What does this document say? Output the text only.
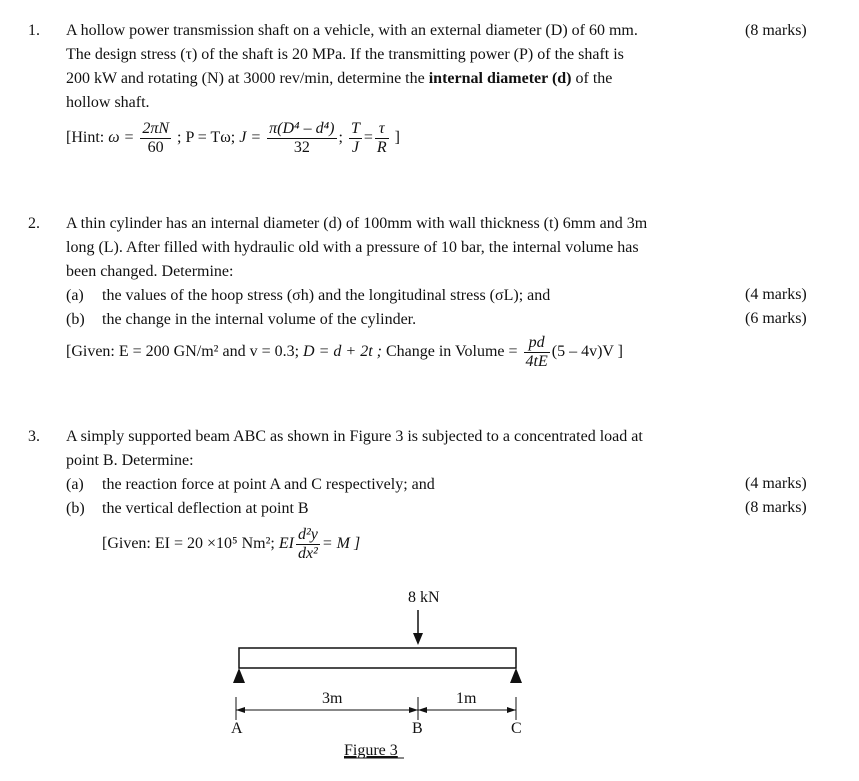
1. A hollow power transmission shaft on a vehicle, with an external diameter (D) of 60 mm.	(8 marks)
The design stress (τ) of the shaft is 20 MPa. If the transmitting power (P) of the shaft is
200 kW and rotating (N) at 3000 rev/min, determine the internal diameter (d) of the
hollow shaft.
[Hint: $\omega = \frac{2\pi N}{60}$ ; P = Tω; $J = \frac{\text{π(D⁴ – d⁴)}}{32}$ ; $\frac{T}{J} = \frac{\tau}{R}$ ]
2. A thin cylinder has an internal diameter (d) of 100mm with wall thickness (t) 6mm and 3m
long (L). After filled with hydraulic old with a pressure of 10 bar, the internal volume has
been changed. Determine:
(a) the values of the hoop stress (σh) and the longitudinal stress (σL); and	(4 marks)
(b) the change in the internal volume of the cylinder.	(6 marks)
[Given: E = 200 GN/m² and v = 0.3; D = d + 2t ; Change in Volume = $\frac{pd}{4tE} (5 - 4v)V$ ]
3. A simply supported beam ABC as shown in Figure 3 is subjected to a concentrated load at
point B. Determine:
(a) the reaction force at point A and C respectively; and	(4 marks)
(b) the vertical deflection at point B	(8 marks)
[Given: EI = 20 ×10⁵ Nm²; EI $\frac{\text{d²y}}{\text{dx²}} = M$ ]
8 kN
3m	1m
A	B	C
Figure 3
